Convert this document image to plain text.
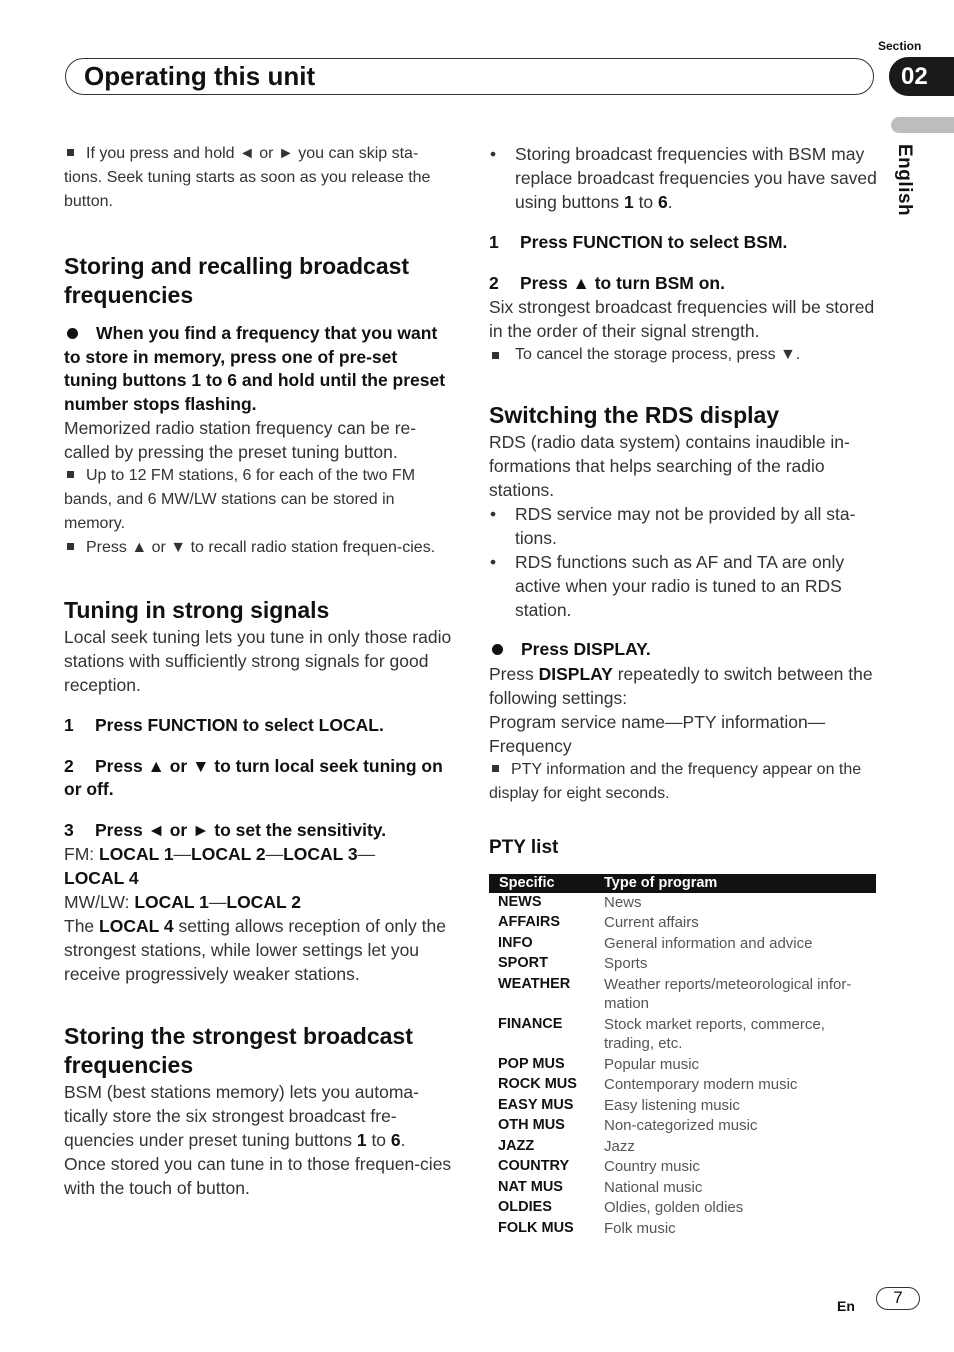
Section
Operating this unit	02
English

If you press and hold ◄ or ► you can skip sta-tions. Seek tuning starts as soon as you release the button.

Storing and recalling broadcast frequencies

When you find a frequency that you want to store in memory, press one of pre-set tuning buttons 1 to 6 and hold until the preset number stops flashing.

Memorized radio station frequency can be re-called by pressing the preset tuning button.

Up to 12 FM stations, 6 for each of the two FM bands, and 6 MW/LW stations can be stored in memory.

Press ▲ or ▼ to recall radio station frequen-cies.

Tuning in strong signals

Local seek tuning lets you tune in only those radio stations with sufficiently strong signals for good reception.

1 Press FUNCTION to select LOCAL.

2 Press ▲ or ▼ to turn local seek tuning on or off.

3 Press ◄ or ► to set the sensitivity.

FM: LOCAL 1—LOCAL 2—LOCAL 3—
LOCAL 4

MW/LW: LOCAL 1—LOCAL 2

The LOCAL 4 setting allows reception of only the strongest stations, while lower settings let you receive progressively weaker stations.

Storing the strongest broadcast frequencies

BSM (best stations memory) lets you automa-tically store the six strongest broadcast fre-quencies under preset tuning buttons 1 to 6.

Once stored you can tune in to those frequen-cies with the touch of button.

• Storing broadcast frequencies with BSM may replace broadcast frequencies you have saved using buttons 1 to 6.

1 Press FUNCTION to select BSM.

2 Press ▲ to turn BSM on.

Six strongest broadcast frequencies will be stored in the order of their signal strength.

To cancel the storage process, press ▼.

Switching the RDS display

RDS (radio data system) contains inaudible in-formations that helps searching of the radio stations.

• RDS service may not be provided by all sta-tions.

• RDS functions such as AF and TA are only active when your radio is tuned to an RDS station.

Press DISPLAY.

Press DISPLAY repeatedly to switch between the following settings:

Program service name—PTY information—Frequency

PTY information and the frequency appear on the display for eight seconds.

PTY list
Specific	Type of program
NEWS	News
AFFAIRS	Current affairs
INFO	General information and advice
SPORT	Sports
WEATHER	Weather reports/meteorological infor-mation
FINANCE	Stock market reports, commerce, trading, etc.
POP MUS	Popular music
ROCK MUS	Contemporary modern music
EASY MUS	Easy listening music
OTH MUS	Non-categorized music
JAZZ	Jazz
COUNTRY	Country music
NAT MUS	National music
OLDIES	Oldies, golden oldies
FOLK MUS	Folk music
En	7
